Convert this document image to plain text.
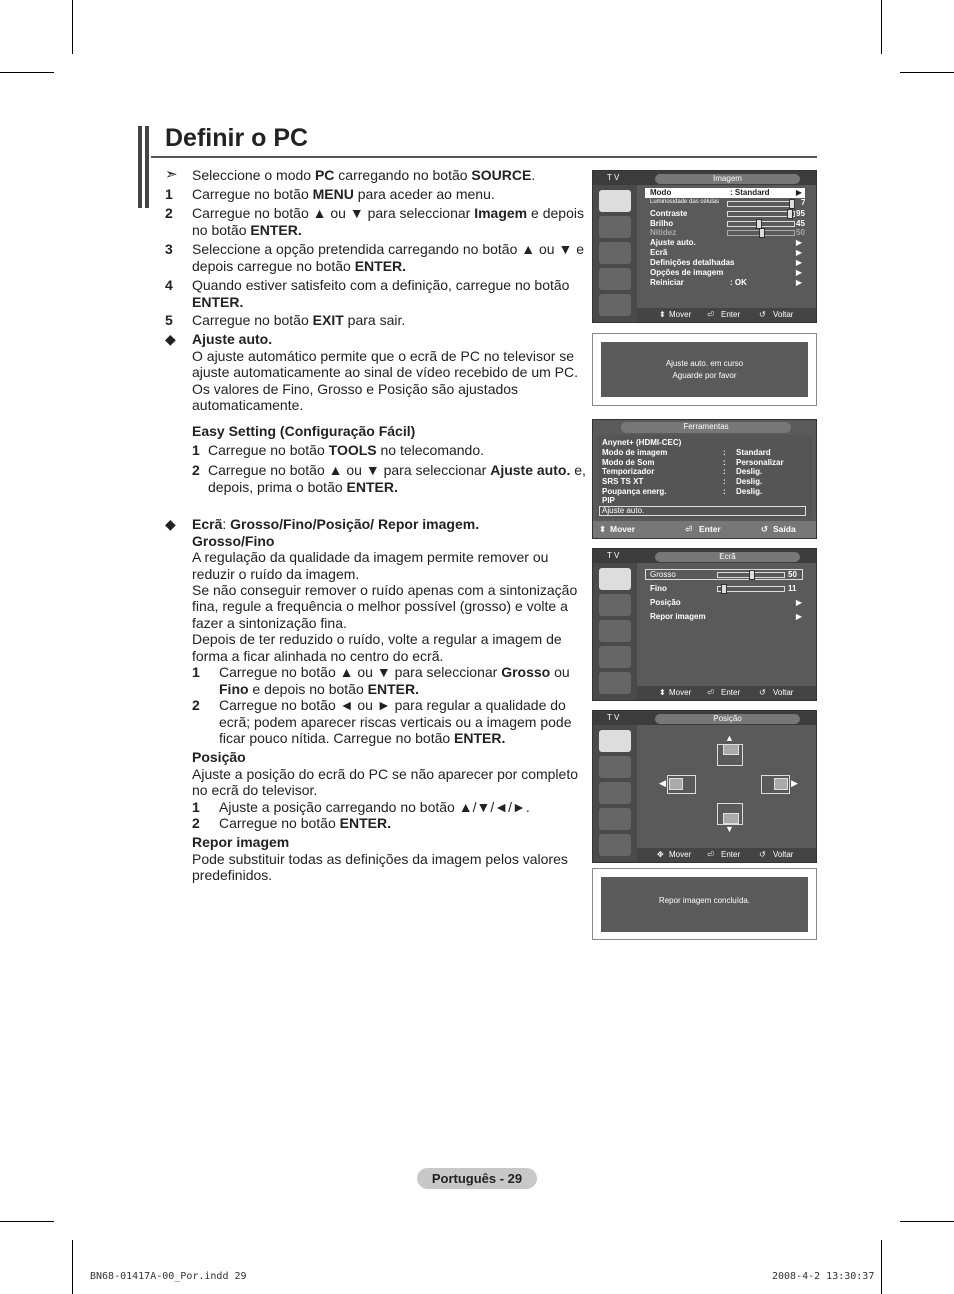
Definir o PC
➣ Seleccione o modo PC carregando no botão SOURCE.
1 Carregue no botão MENU para aceder ao menu.
2 Carregue no botão ▲ ou ▼ para seleccionar Imagem e depois
no botão ENTER.
3 Seleccione a opção pretendida carregando no botão ▲ ou ▼ e
depois carregue no botão ENTER.
4 Quando estiver satisfeito com a definição, carregue no botão
ENTER.
5 Carregue no botão EXIT para sair.
◆ Ajuste auto.
O ajuste automático permite que o ecrã de PC no televisor se
ajuste automaticamente ao sinal de vídeo recebido de um PC.
Os valores de Fino, Grosso e Posição são ajustados
automaticamente.
Easy Setting (Configuração Fácil)
1 Carregue no botão TOOLS no telecomando.
2 Carregue no botão ▲ ou ▼ para seleccionar Ajuste auto. e,
depois, prima o botão ENTER.
◆ Ecrã: Grosso/Fino/Posição/ Repor imagem.
Grosso/Fino
A regulação da qualidade da imagem permite remover ou
reduzir o ruído da imagem.
Se não conseguir remover o ruído apenas com a sintonização
fina, regule a frequência o melhor possível (grosso) e volte a
fazer a sintonização fina.
Depois de ter reduzido o ruído, volte a regular a imagem de
forma a ficar alinhada no centro do ecrã.
1 Carregue no botão ▲ ou ▼ para seleccionar Grosso ou
Fino e depois no botão ENTER.
2 Carregue no botão ◄ ou ► para regular a qualidade do
ecrã; podem aparecer riscas verticais ou a imagem pode
ficar pouco nítida. Carregue no botão ENTER.
Posição
Ajuste a posição do ecrã do PC se não aparecer por completo
no ecrã do televisor.
1 Ajuste a posição carregando no botão ▲/▼/◄/►.
2 Carregue no botão ENTER.
Repor imagem
Pode substituir todas as definições da imagem pelos valores
predefinidos.
T V	Imagem
Modo	: Standard	▶
Luminosidade das células	7
Contraste	95
Brilho	45
Nitidez	50
Ajuste auto.	▶
Ecrã	▶
Definições detalhadas	▶
Opções de imagem	▶
Reiniciar	: OK	▶
⬍ Mover ⏎ Enter ↺ Voltar
Ajuste auto. em curso
Aguarde por favor
Ferramentas
Anynet+ (HDMI-CEC)
Modo de imagem	: Standard
Modo de Som	: Personalizar
Temporizador	: Deslig.
SRS TS XT	: Deslig.
Poupança energ.	: Deslig.
PIP
Ajuste auto.
⬍ Mover	⏎ Enter	↺ Saída
T V	Ecrã
Grosso	50
Fino	11
Posição	▶
Repor imagem	▶
⬍ Mover ⏎ Enter ↺ Voltar
T V	Posição
▲
◀	▶
▼
✥ Mover ⏎ Enter ↺ Voltar
Repor imagem concluída.
Português - 29
BN68-01417A-00_Por.indd 29	2008-4-2 13:30:37
